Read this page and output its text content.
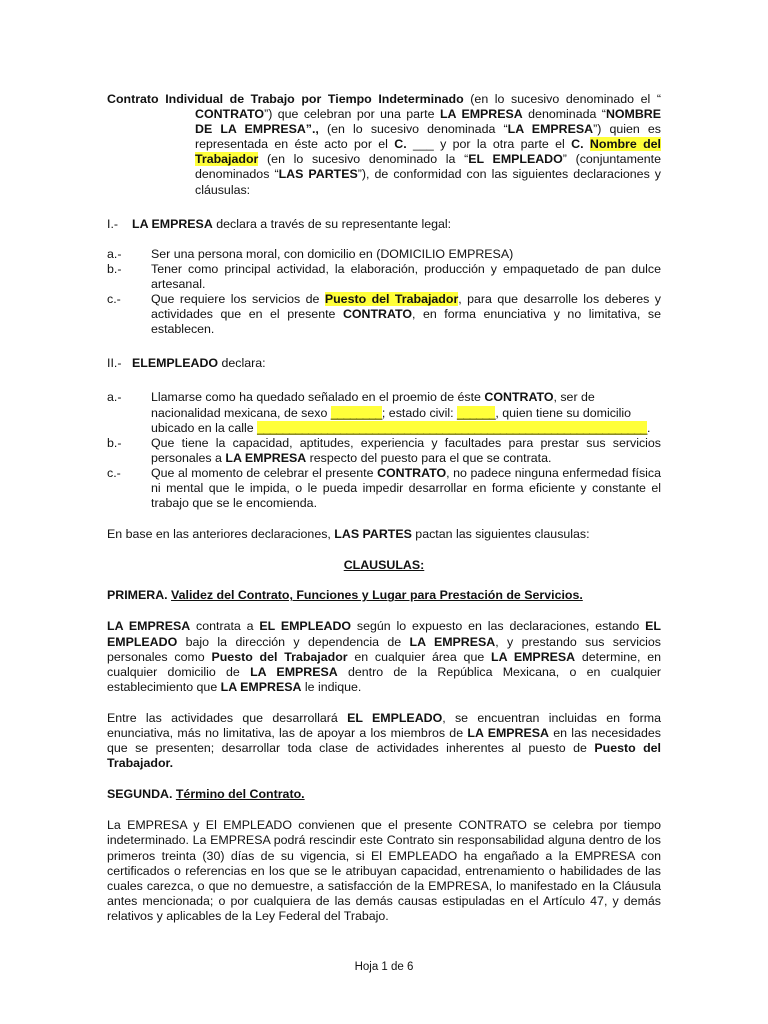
Contrato Individual de Trabajo por Tiempo Indeterminado (en lo sucesivo denominado el “

CONTRATO”) que celebran por una parte LA EMPRESA denominada “NOMBRE DE LA EMPRESA”., (en lo sucesivo denominada “LA EMPRESA”) quien es representada en éste acto por el C. ___ y por la otra parte el C. Nombre del Trabajador (en lo sucesivo denominado la “EL EMPLEADO” (conjuntamente denominados “LAS PARTES”), de conformidad con las siguientes declaraciones y cláusulas:

I.- LA EMPRESA declara a través de su representante legal:
a.-	Ser una persona moral, con domicilio en (DOMICILIO EMPRESA)
b.-	Tener como principal actividad, la elaboración, producción y empaquetado de pan dulce artesanal.
c.-	Que requiere los servicios de Puesto del Trabajador, para que desarrolle los deberes y actividades que en el presente CONTRATO, en forma enunciativa y no limitativa, se establecen.
II.- ELEMPLEADO declara:
a.-	Llamarse como ha quedado señalado en el proemio de éste CONTRATO, ser de nacionalidad mexicana, de sexo ________; estado civil: ______, quien tiene su domicilio ubicado en la calle _____________________________________________________________.
b.-	Que tiene la capacidad, aptitudes, experiencia y facultades para prestar sus servicios personales a LA EMPRESA respecto del puesto para el que se contrata.
c.-	Que al momento de celebrar el presente CONTRATO, no padece ninguna enfermedad física ni mental que le impida, o le pueda impedir desarrollar en forma eficiente y constante el trabajo que se le encomienda.

En base en las anteriores declaraciones, LAS PARTES pactan las siguientes clausulas:

CLAUSULAS:

PRIMERA. Validez del Contrato, Funciones y Lugar para Prestación de Servicios.

LA EMPRESA contrata a EL EMPLEADO según lo expuesto en las declaraciones, estando EL EMPLEADO bajo la dirección y dependencia de LA EMPRESA, y prestando sus servicios personales como Puesto del Trabajador en cualquier área que LA EMPRESA determine, en cualquier domicilio de LA EMPRESA dentro de la República Mexicana, o en cualquier establecimiento que LA EMPRESA le indique.

Entre las actividades que desarrollará EL EMPLEADO, se encuentran incluidas en forma enunciativa, más no limitativa, las de apoyar a los miembros de LA EMPRESA en las necesidades que se presenten; desarrollar toda clase de actividades inherentes al puesto de Puesto del Trabajador.

SEGUNDA. Término del Contrato.

La EMPRESA y El EMPLEADO convienen que el presente CONTRATO se celebra por tiempo indeterminado. La EMPRESA podrá rescindir este Contrato sin responsabilidad alguna dentro de los primeros treinta (30) días de su vigencia, si El EMPLEADO ha engañado a la EMPRESA con certificados o referencias en los que se le atribuyan capacidad, entrenamiento o habilidades de las cuales carezca, o que no demuestre, a satisfacción de la EMPRESA, lo manifestado en la Cláusula antes mencionada; o por cualquiera de las demás causas estipuladas en el Artículo 47, y demás relativos y aplicables de la Ley Federal del Trabajo.

Hoja 1 de 6
